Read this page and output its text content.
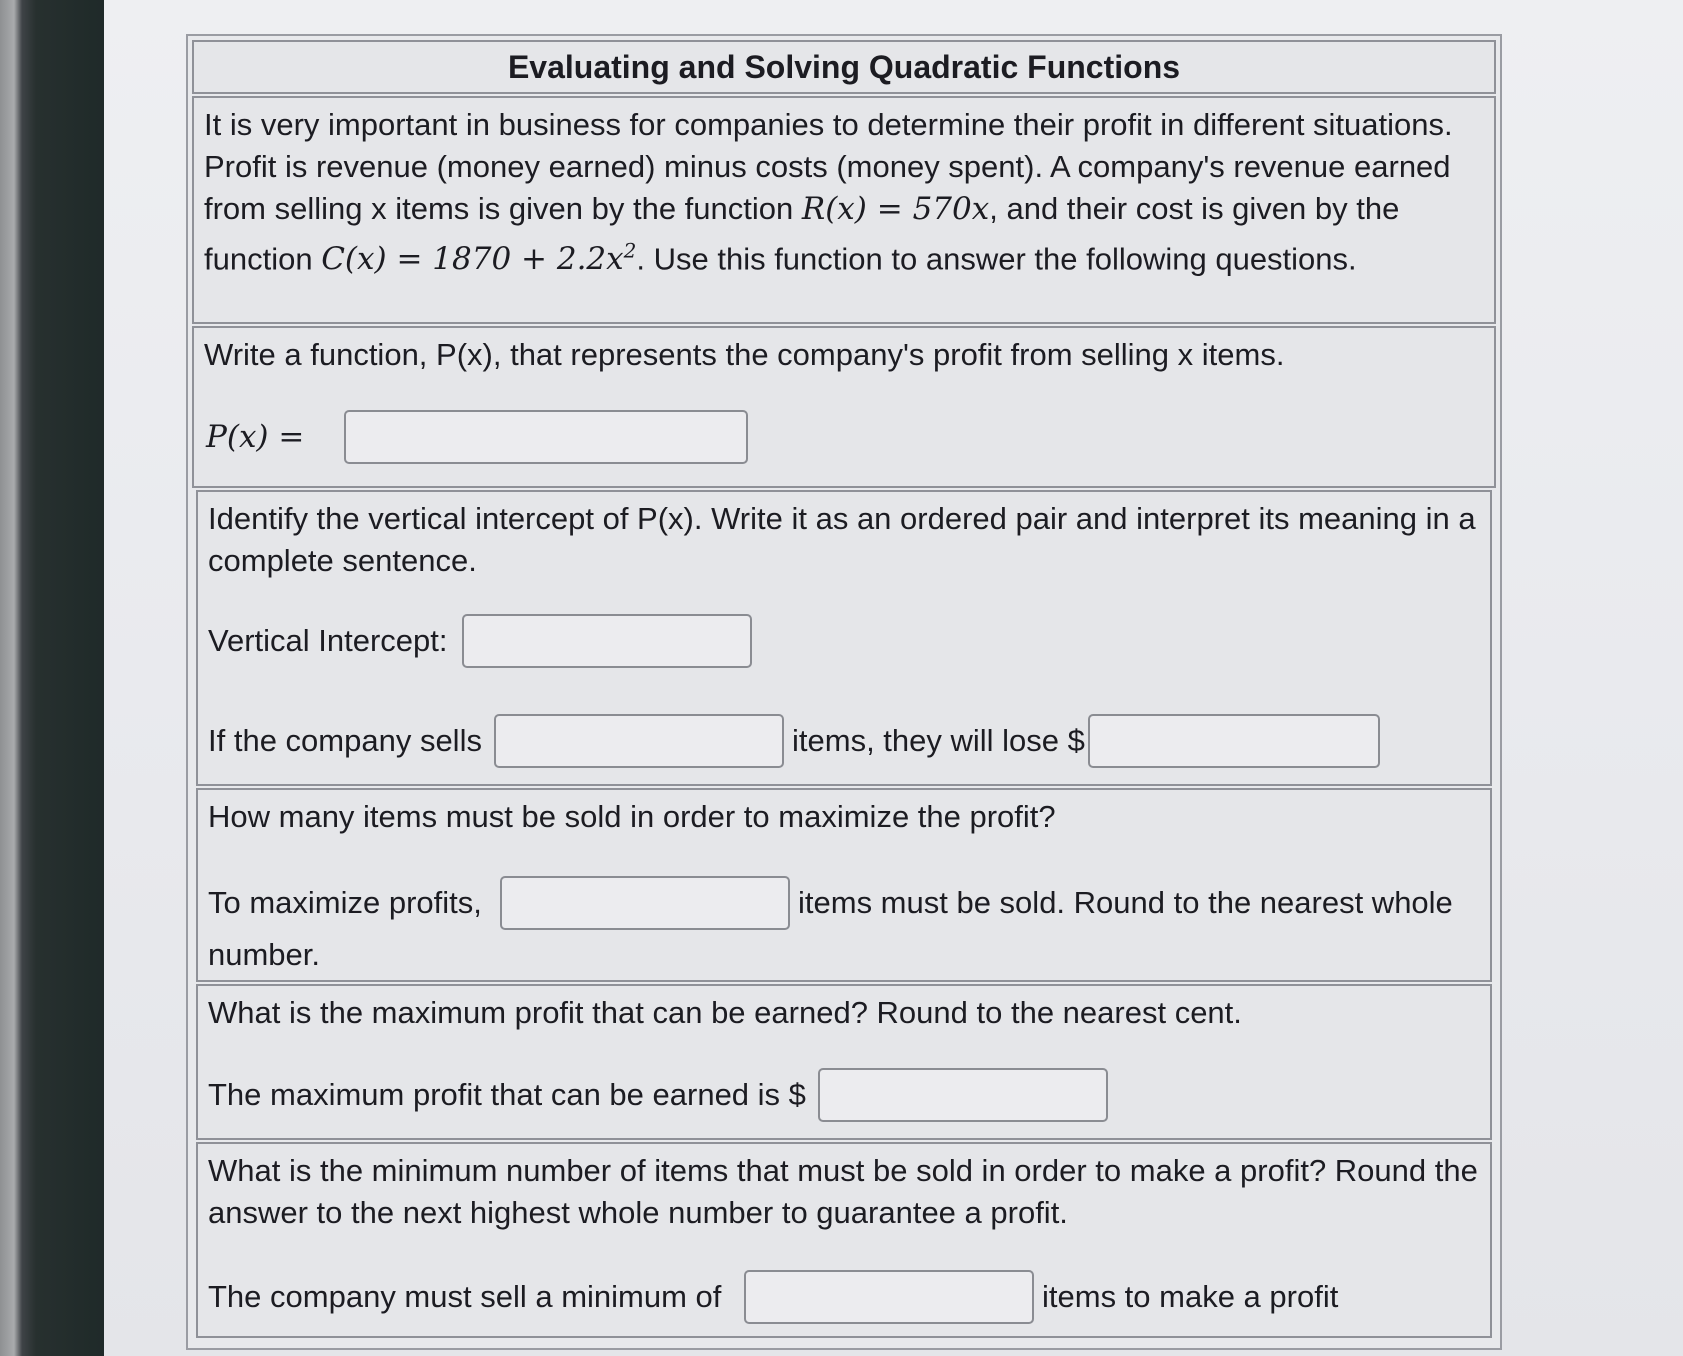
Evaluating and Solving Quadratic Functions

It is very important in business for companies to determine their profit in different situations. Profit is revenue (money earned) minus costs (money spent). A company's revenue earned from selling x items is given by the function R(x) = 570x, and their cost is given by the function $C(x) = 1870 + 2.2x^2$. Use this function to answer the following questions.

Write a function, P(x), that represents the company's profit from selling x items.

P(x) =

Identify the vertical intercept of P(x). Write it as an ordered pair and interpret its meaning in a complete sentence.

Vertical Intercept:
If the company sells	items, they will lose $

How many items must be sold in order to maximize the profit?

To maximize profits,	items must be sold. Round to the nearest whole
number.

What is the maximum profit that can be earned? Round to the nearest cent.

The maximum profit that can be earned is $

What is the minimum number of items that must be sold in order to make a profit? Round the answer to the next highest whole number to guarantee a profit.

The company must sell a minimum of	items to make a profit
